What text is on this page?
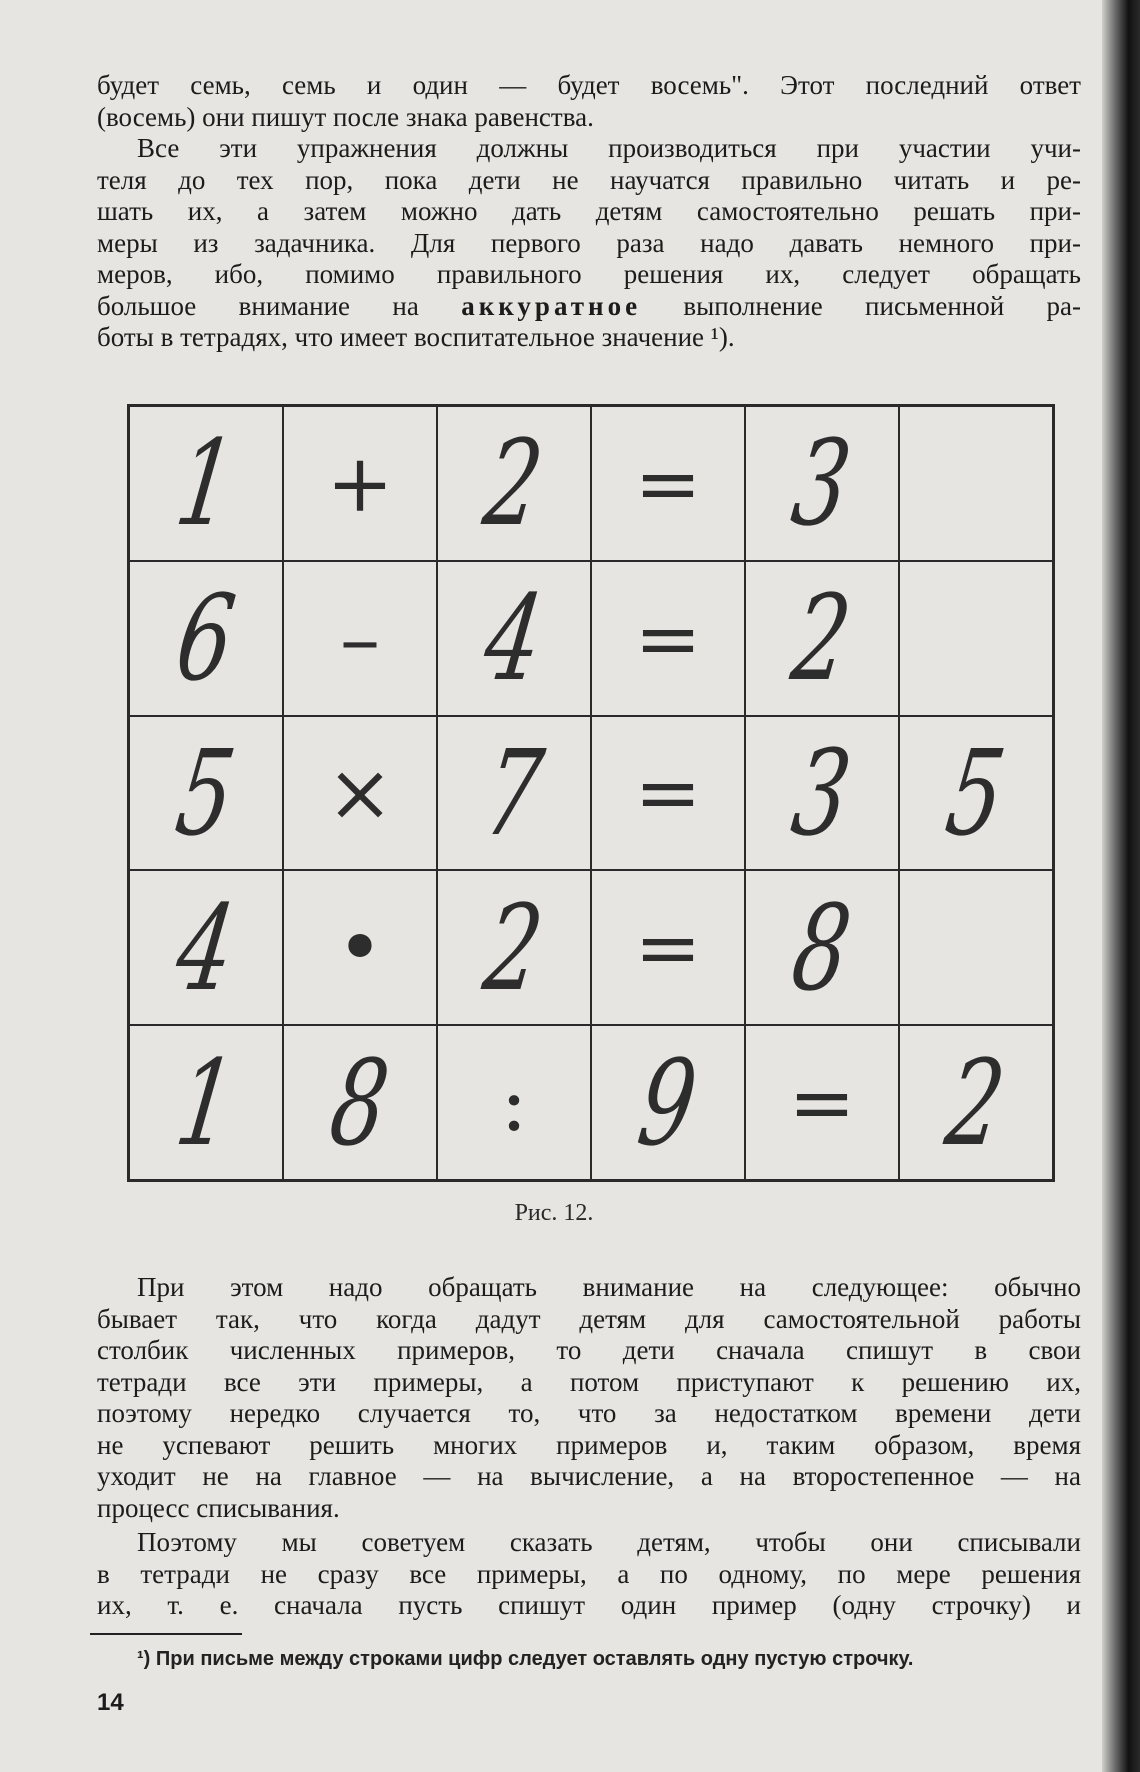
будет семь, семь и один — будет восемь". Этот последний ответ

(восемь) они пишут после знака равенства.

Все эти упражнения должны производиться при участии учи-

теля до тех пор, пока дети не научатся правильно читать и ре-

шать их, а затем можно дать детям самостоятельно решать при-

меры из задачника. Для первого раза надо давать немного при-

меров, ибо, помимо правильного решения их, следует обращать

большое внимание на аккуратное выполнение письменной ра-

боты в тетрадях, что имеет воспитательное значение ¹).

1 + 2 = 3
6 – 4 = 2
5 × 7 = 3 5
4 • 2 = 8
1 8 : 9 = 2
Рис. 12.

При этом надо обращать внимание на следующее: обычно

бывает так, что когда дадут детям для самостоятельной работы

столбик численных примеров, то дети сначала спишут в свои

тетради все эти примеры, а потом приступают к решению их,

поэтому нередко случается то, что за недостатком времени дети

не успевают решить многих примеров и, таким образом, время

уходит не на главное — на вычисление, а на второстепенное — на

процесс списывания.

Поэтому мы советуем сказать детям, чтобы они списывали

в тетради не сразу все примеры, а по одному, по мере решения

их, т. е. сначала пусть спишут один пример (одну строчку) и

¹) При письме между строками цифр следует оставлять одну пустую строчку.
14
